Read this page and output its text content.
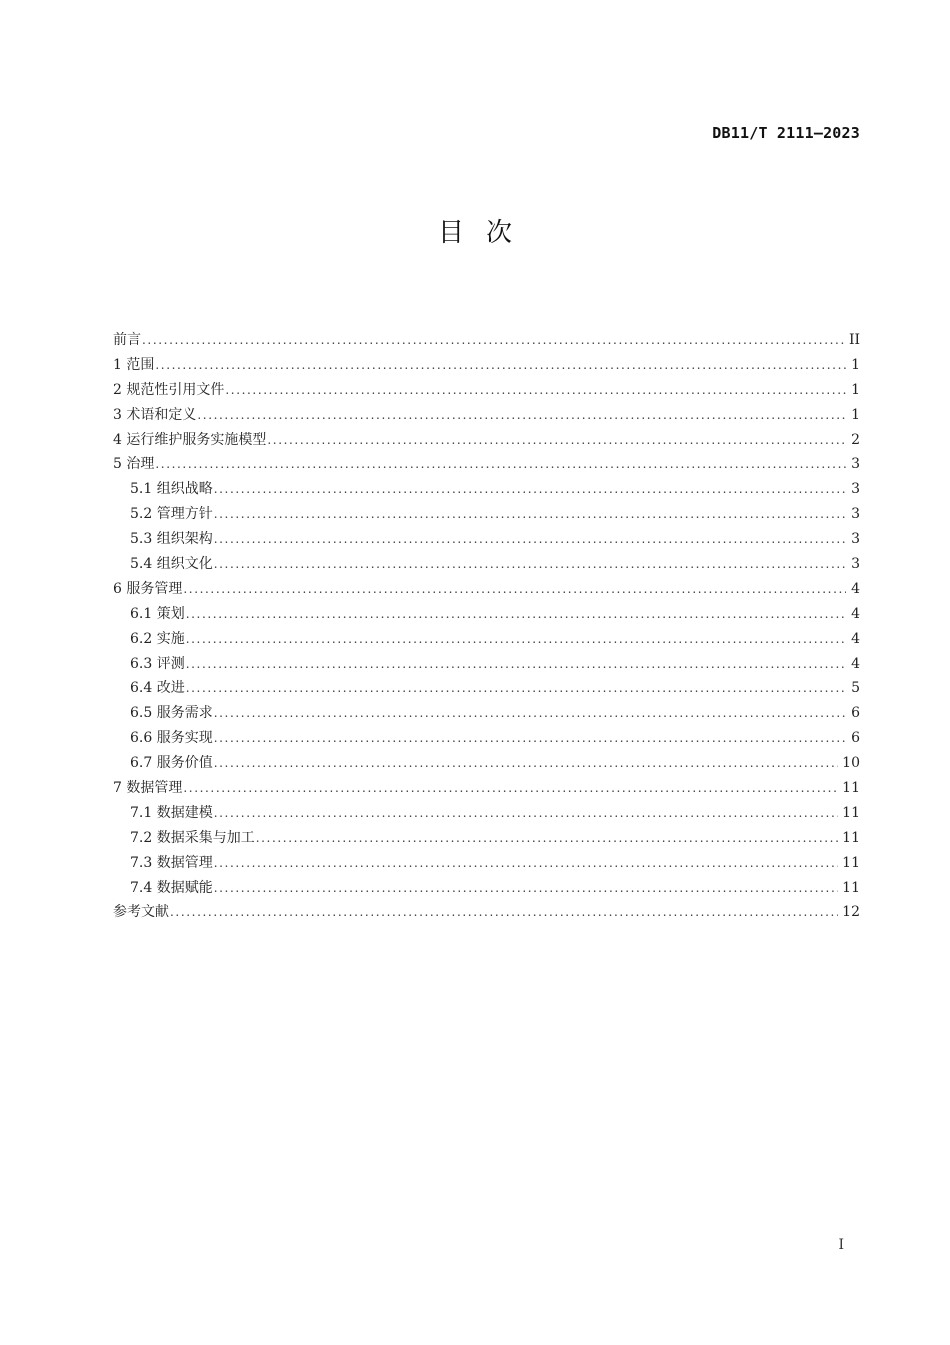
DB11/T 2111—2023
目次
前言 .....	II
1 范围 .....	1
2 规范性引用文件 .....	1
3 术语和定义 .....	1
4 运行维护服务实施模型 .....	2
5 治理 .....	3
5.1 组织战略 .....	3
5.2 管理方针 .....	3
5.3 组织架构 .....	3
5.4 组织文化 .....	3
6 服务管理 .....	4
6.1 策划 .....	4
6.2 实施 .....	4
6.3 评测 .....	4
6.4 改进 .....	5
6.5 服务需求 .....	6
6.6 服务实现 .....	6
6.7 服务价值 .....	10
7 数据管理 .....	11
7.1 数据建模 .....	11
7.2 数据采集与加工 .....	11
7.3 数据管理 .....	11
7.4 数据赋能 .....	11
参考文献 .....	12
I
